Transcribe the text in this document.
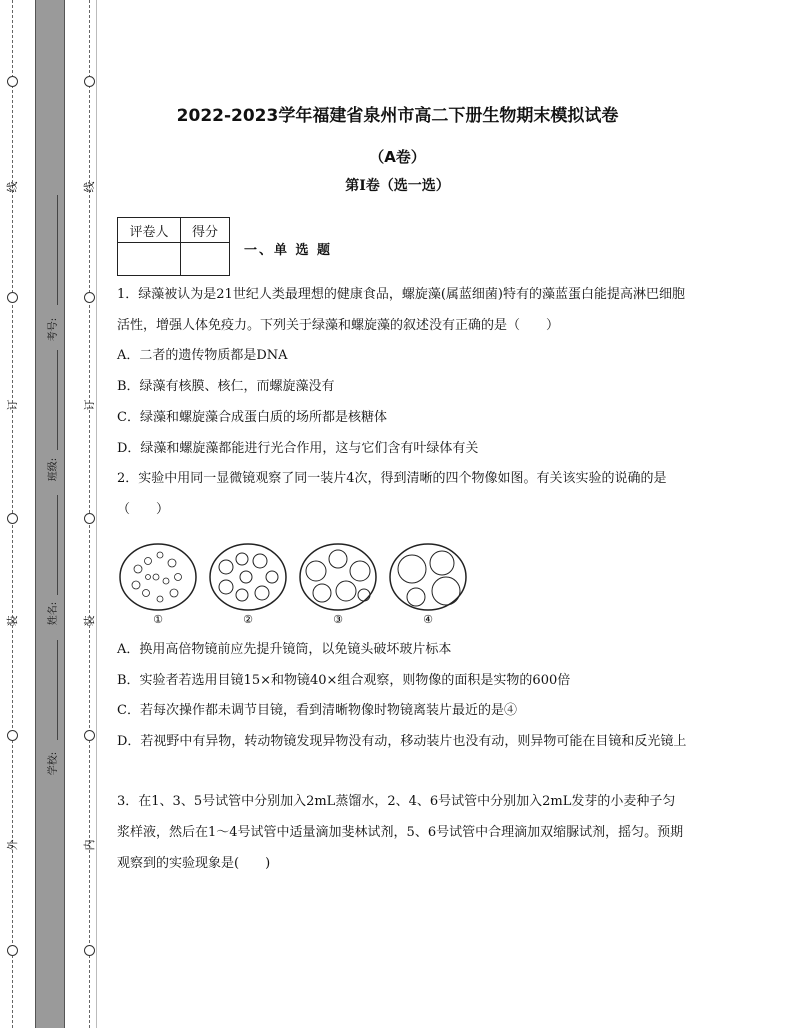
线
订
装
外
线
订
装
内
考号:
班级:
姓名:
学校:
2022-2023学年福建省泉州市高二下册生物期末模拟试卷
（A卷）
第I卷（选一选）
评卷人	得分

一、单 选 题
1．绿藻被认为是21世纪人类最理想的健康食品，螺旋藻(属蓝细菌)特有的藻蓝蛋白能提高淋巴细胞活性，增强人体免疫力。下列关于绿藻和螺旋藻的叙述没有正确的是（　　）
A．二者的遗传物质都是DNA
B．绿藻有核膜、核仁，而螺旋藻没有
C．绿藻和螺旋藻合成蛋白质的场所都是核糖体
D．绿藻和螺旋藻都能进行光合作用，这与它们含有叶绿体有关
2．实验中用同一显微镜观察了同一装片4次，得到清晰的四个物像如图。有关该实验的说确的是（　　）
①	②	③	④
A．换用高倍物镜前应先提升镜筒，以免镜头破坏玻片标本
B．实验者若选用目镜15×和物镜40×组合观察，则物像的面积是实物的600倍
C．若每次操作都未调节目镜，看到清晰物像时物镜离装片最近的是④
D．若视野中有异物，转动物镜发现异物没有动，移动装片也没有动，则异物可能在目镜和反光镜上
3．在1、3、5号试管中分别加入2mL蒸馏水，2、4、6号试管中分别加入2mL发芽的小麦种子匀浆样液，然后在1～4号试管中适量滴加斐林试剂，5、6号试管中合理滴加双缩脲试剂，摇匀。预期观察到的实验现象是(　　)
